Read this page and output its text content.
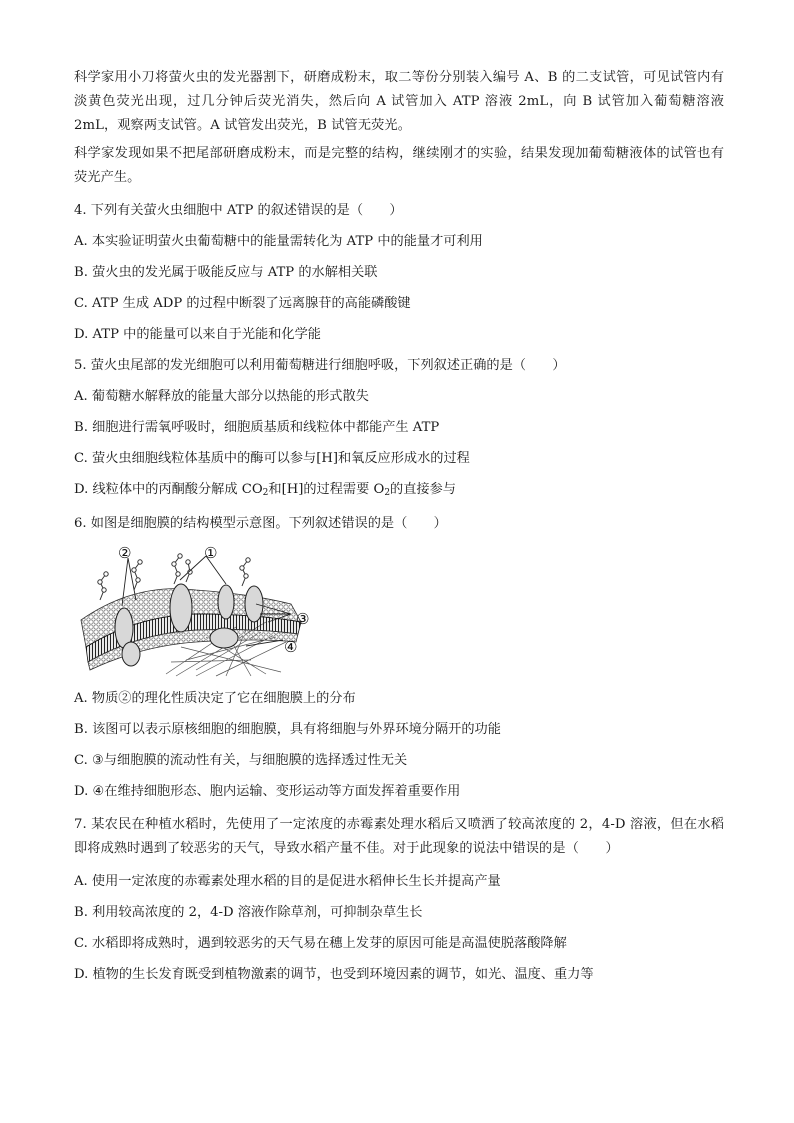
科学家用小刀将萤火虫的发光器割下，研磨成粉末，取二等份分别装入编号 A、B 的二支试管，可见试管内有淡黄色荧光出现，过几分钟后荧光消失，然后向 A 试管加入 ATP 溶液 2mL，向 B 试管加入葡萄糖溶液 2mL，观察两支试管。A 试管发出荧光，B 试管无荧光。

科学家发现如果不把尾部研磨成粉末，而是完整的结构，继续刚才的实验，结果发现加葡萄糖液体的试管也有荧光产生。

4. 下列有关萤火虫细胞中 ATP 的叙述错误的是（　　）

A. 本实验证明萤火虫葡萄糖中的能量需转化为 ATP 中的能量才可利用

B. 萤火虫的发光属于吸能反应与 ATP 的水解相关联

C. ATP 生成 ADP 的过程中断裂了远离腺苷的高能磷酸键

D. ATP 中的能量可以来自于光能和化学能

5. 萤火虫尾部的发光细胞可以利用葡萄糖进行细胞呼吸，下列叙述正确的是（　　）

A. 葡萄糖水解释放的能量大部分以热能的形式散失

B. 细胞进行需氧呼吸时，细胞质基质和线粒体中都能产生 ATP

C. 萤火虫细胞线粒体基质中的酶可以参与[H]和氧反应形成水的过程

D. 线粒体中的丙酮酸分解成 $CO_2$和[H]的过程需要 $O_2$的直接参与

6. 如图是细胞膜的结构模型示意图。下列叙述错误的是（　　）

②	①
③
④

A. 物质②的理化性质决定了它在细胞膜上的分布

B. 该图可以表示原核细胞的细胞膜，具有将细胞与外界环境分隔开的功能

C. ③与细胞膜的流动性有关，与细胞膜的选择透过性无关

D. ④在维持细胞形态、胞内运输、变形运动等方面发挥着重要作用

7. 某农民在种植水稻时，先使用了一定浓度的赤霉素处理水稻后又喷洒了较高浓度的 2，4-D 溶液，但在水稻即将成熟时遇到了较恶劣的天气，导致水稻产量不佳。对于此现象的说法中错误的是（　　）

A. 使用一定浓度的赤霉素处理水稻的目的是促进水稻伸长生长并提高产量

B. 利用较高浓度的 2，4-D 溶液作除草剂，可抑制杂草生长

C. 水稻即将成熟时，遇到较恶劣的天气易在穗上发芽的原因可能是高温使脱落酸降解

D. 植物的生长发育既受到植物激素的调节，也受到环境因素的调节，如光、温度、重力等
